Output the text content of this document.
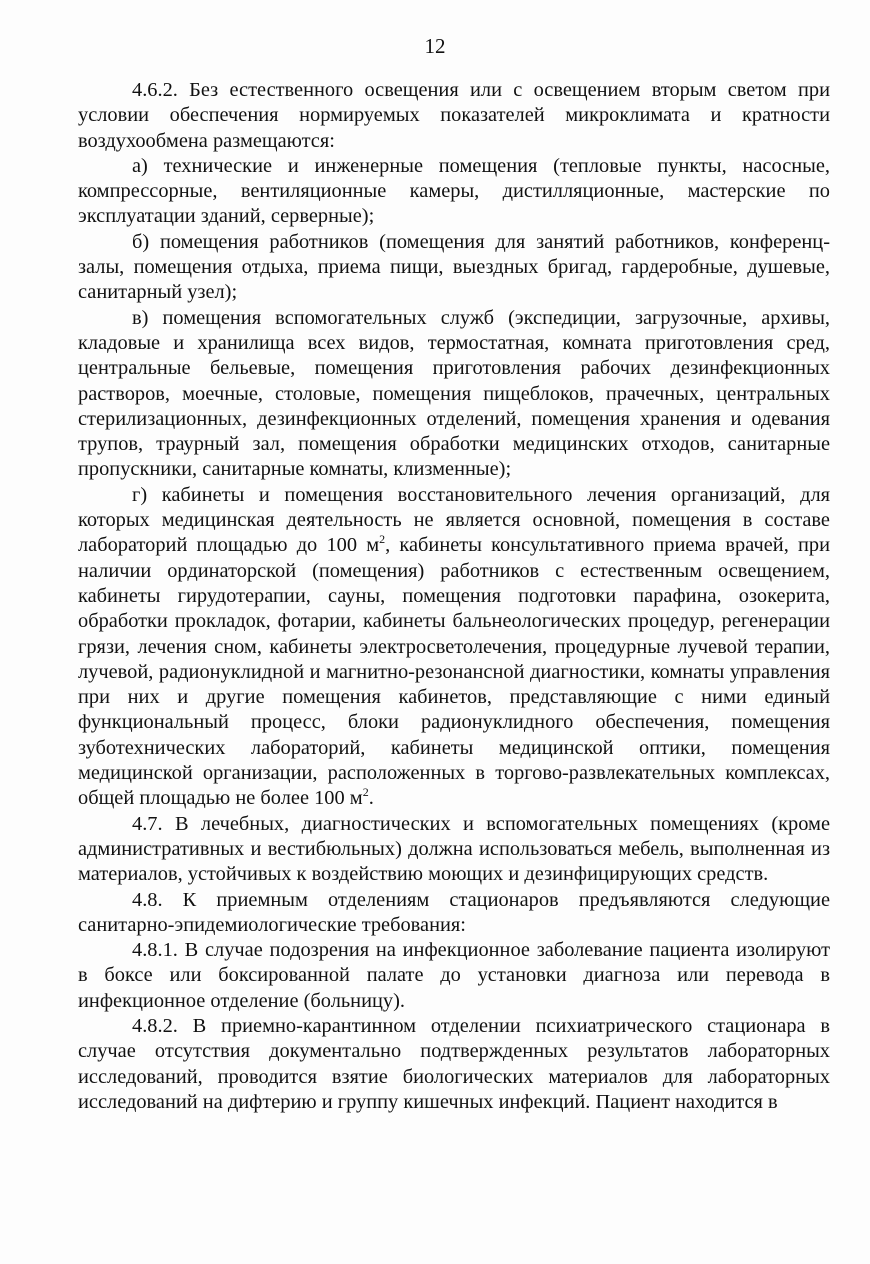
12

4.6.2. Без естественного освещения или с освещением вторым светом при условии обеспечения нормируемых показателей микроклимата и кратности воздухообмена размещаются:

а) технические и инженерные помещения (тепловые пункты, насосные, компрессорные, вентиляционные камеры, дистилляционные, мастерские по эксплуатации зданий, серверные);

б) помещения работников (помещения для занятий работников, конференц-залы, помещения отдыха, приема пищи, выездных бригад, гардеробные, душевые, санитарный узел);

в) помещения вспомогательных служб (экспедиции, загрузочные, архивы, кладовые и хранилища всех видов, термостатная, комната приготовления сред, центральные бельевые, помещения приготовления рабочих дезинфекционных растворов, моечные, столовые, помещения пищеблоков, прачечных, центральных стерилизационных, дезинфекционных отделений, помещения хранения и одевания трупов, траурный зал, помещения обработки медицинских отходов, санитарные пропускники, санитарные комнаты, клизменные);

г) кабинеты и помещения восстановительного лечения организаций, для которых медицинская деятельность не является основной, помещения в составе лабораторий площадью до 100 $м^2$, кабинеты консультативного приема врачей, при наличии ординаторской (помещения) работников с естественным освещением, кабинеты гирудотерапии, сауны, помещения подготовки парафина, озокерита, обработки прокладок, фотарии, кабинеты бальнеологических процедур, регенерации грязи, лечения сном, кабинеты электросветолечения, процедурные лучевой терапии, лучевой, радионуклидной и магнитно-резонансной диагностики, комнаты управления при них и другие помещения кабинетов, представляющие с ними единый функциональный процесс, блоки радионуклидного обеспечения, помещения зуботехнических лабораторий, кабинеты медицинской оптики, помещения медицинской организации, расположенных в торгово-развлекательных комплексах, общей площадью не более 100 $м^2$.

4.7. В лечебных, диагностических и вспомогательных помещениях (кроме административных и вестибюльных) должна использоваться мебель, выполненная из материалов, устойчивых к воздействию моющих и дезинфицирующих средств.

4.8. К приемным отделениям стационаров предъявляются следующие санитарно-эпидемиологические требования:

4.8.1. В случае подозрения на инфекционное заболевание пациента изолируют в боксе или боксированной палате до установки диагноза или перевода в инфекционное отделение (больницу).

4.8.2. В приемно-карантинном отделении психиатрического стационара в случае отсутствия документально подтвержденных результатов лабораторных исследований, проводится взятие биологических материалов для лабораторных исследований на дифтерию и группу кишечных инфекций. Пациент находится в
